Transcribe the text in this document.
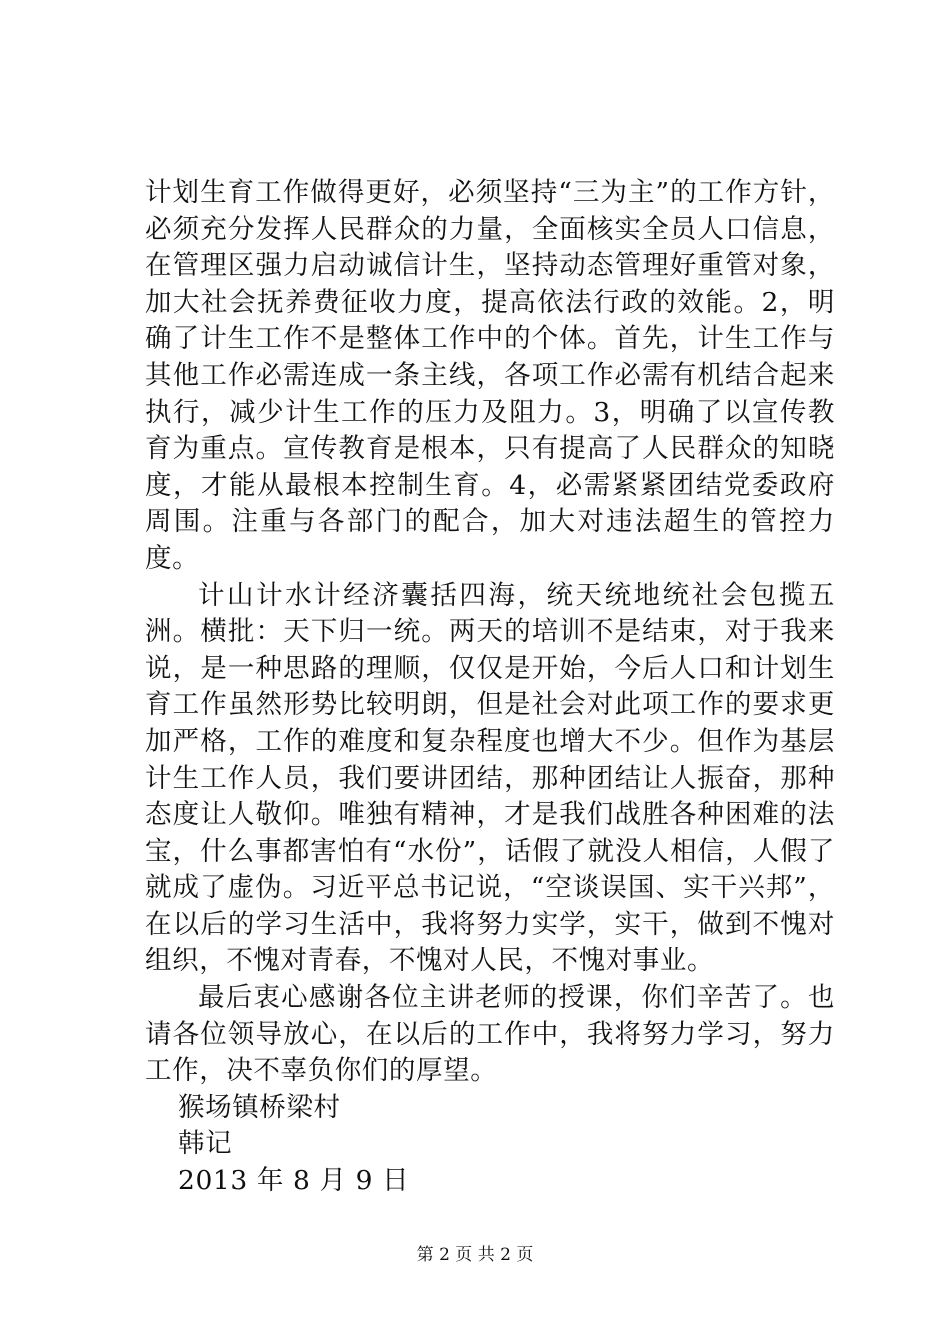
计划生育工作做得更好，必须坚持“三为主”的工作方针，必须充分发挥人民群众的力量，全面核实全员人口信息，在管理区强力启动诚信计生，坚持动态管理好重管对象，加大社会抚养费征收力度，提高依法行政的效能。2，明确了计生工作不是整体工作中的个体。首先，计生工作与其他工作必需连成一条主线，各项工作必需有机结合起来执行，减少计生工作的压力及阻力。3，明确了以宣传教育为重点。宣传教育是根本，只有提高了人民群众的知晓度，才能从最根本控制生育。4，必需紧紧团结党委政府周围。注重与各部门的配合，加大对违法超生的管控力度。

计山计水计经济囊括四海，统天统地统社会包揽五洲。横批：天下归一统。两天的培训不是结束，对于我来说，是一种思路的理顺，仅仅是开始，今后人口和计划生育工作虽然形势比较明朗，但是社会对此项工作的要求更加严格，工作的难度和复杂程度也增大不少。但作为基层计生工作人员，我们要讲团结，那种团结让人振奋，那种态度让人敬仰。唯独有精神，才是我们战胜各种困难的法宝，什么事都害怕有“水份”，话假了就没人相信，人假了就成了虚伪。习近平总书记说，“空谈误国、实干兴邦”，在以后的学习生活中，我将努力实学，实干，做到不愧对组织，不愧对青春，不愧对人民，不愧对事业。

最后衷心感谢各位主讲老师的授课，你们辛苦了。也请各位领导放心，在以后的工作中，我将努力学习，努力工作，决不辜负你们的厚望。

猴场镇桥梁村

韩记

2013 年 8 月 9 日

第 2 页 共 2 页
